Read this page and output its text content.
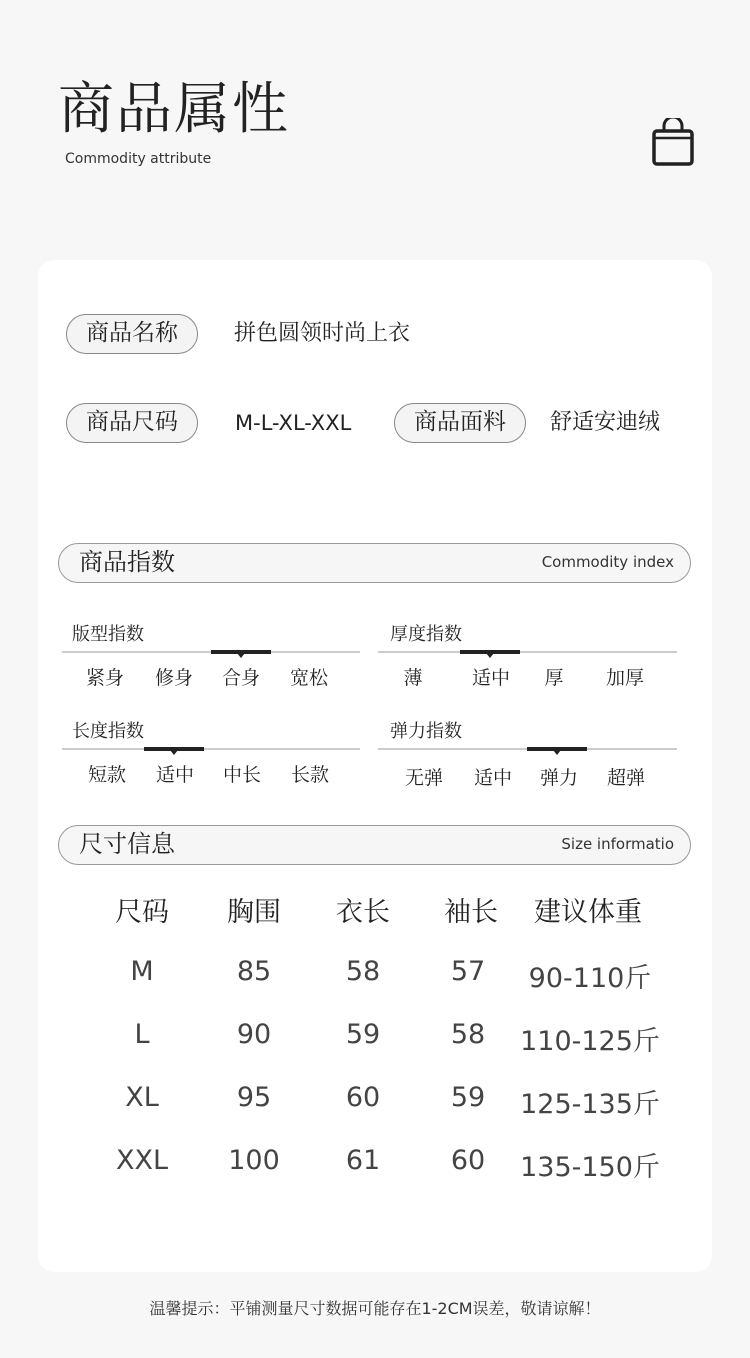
商品属性
Commodity attribute
商品名称	拼色圆领时尚上衣
商品尺码	M-L-XL-XXL	商品面料	舒适安迪绒
商品指数	Commodity index
版型指数
紧身	修身	合身	宽松
厚度指数
薄	适中	厚	加厚
长度指数
短款	适中	中长	长款
弹力指数
无弹	适中	弹力	超弹
尺寸信息	Size informatio
尺码	胸围	衣长	袖长	建议体重
M	85	58	57	90-110斤
L	90	59	58	110-125斤
XL	95	60	59	125-135斤
XXL	100	61	60	135-150斤
温馨提示：平铺测量尺寸数据可能存在1-2CM误差，敬请谅解！
